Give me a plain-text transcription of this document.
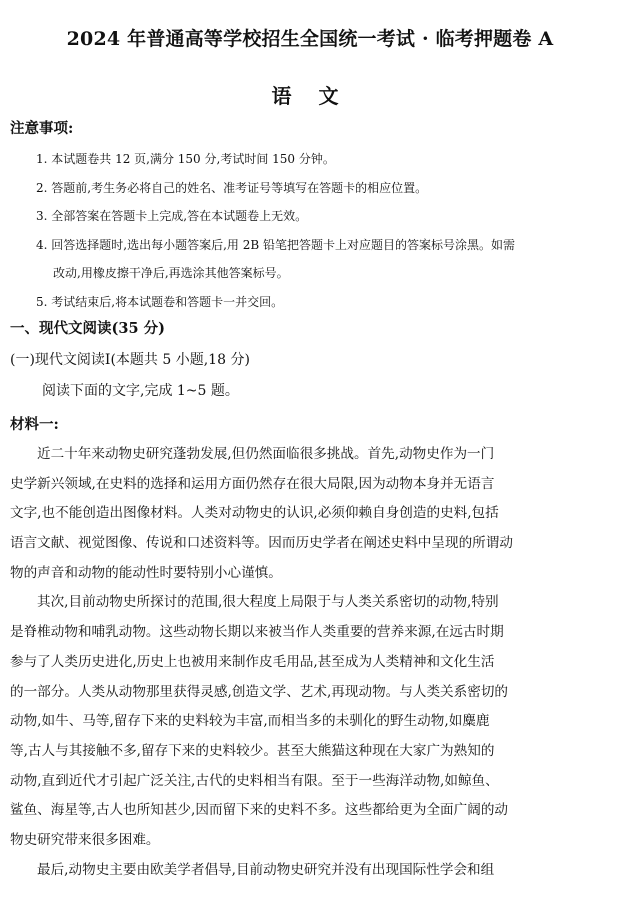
2024 年普通高等学校招生全国统一考试 · 临考押题卷 A
语 文
注意事项:
1. 本试题卷共 12 页,满分 150 分,考试时间 150 分钟。
2. 答题前,考生务必将自己的姓名、准考证号等填写在答题卡的相应位置。
3. 全部答案在答题卡上完成,答在本试题卷上无效。
4. 回答选择题时,选出每小题答案后,用 2B 铅笔把答题卡上对应题目的答案标号涂黑。如需
改动,用橡皮擦干净后,再选涂其他答案标号。
5. 考试结束后,将本试题卷和答题卡一并交回。
一、现代文阅读(35 分)
(一)现代文阅读Ⅰ(本题共 5 小题,18 分)
阅读下面的文字,完成 1~5 题。
材料一:
近二十年来动物史研究蓬勃发展,但仍然面临很多挑战。首先,动物史作为一门
史学新兴领域,在史料的选择和运用方面仍然存在很大局限,因为动物本身并无语言
文字,也不能创造出图像材料。人类对动物史的认识,必须仰赖自身创造的史料,包括
语言文献、视觉图像、传说和口述资料等。因而历史学者在阐述史料中呈现的所谓动
物的声音和动物的能动性时要特别小心谨慎。
其次,目前动物史所探讨的范围,很大程度上局限于与人类关系密切的动物,特别
是脊椎动物和哺乳动物。这些动物长期以来被当作人类重要的营养来源,在远古时期
参与了人类历史进化,历史上也被用来制作皮毛用品,甚至成为人类精神和文化生活
的一部分。人类从动物那里获得灵感,创造文学、艺术,再现动物。与人类关系密切的
动物,如牛、马等,留存下来的史料较为丰富,而相当多的未驯化的野生动物,如麋鹿
等,古人与其接触不多,留存下来的史料较少。甚至大熊猫这种现在大家广为熟知的
动物,直到近代才引起广泛关注,古代的史料相当有限。至于一些海洋动物,如鲸鱼、
鲨鱼、海星等,古人也所知甚少,因而留下来的史料不多。这些都给更为全面广阔的动
物史研究带来很多困难。
最后,动物史主要由欧美学者倡导,目前动物史研究并没有出现国际性学会和组
